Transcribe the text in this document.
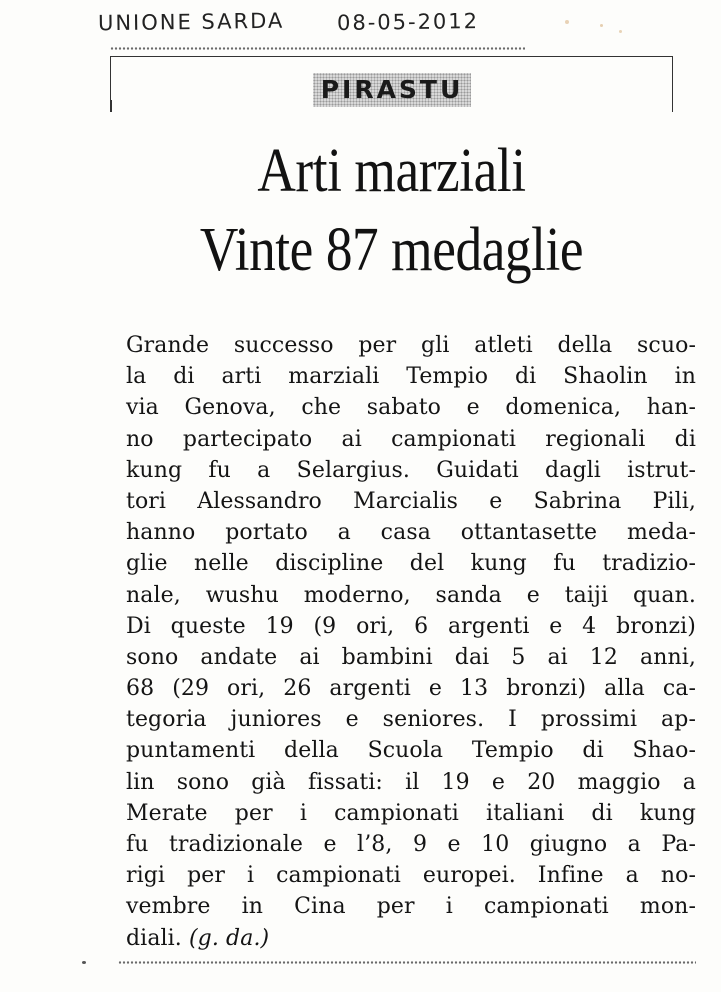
UNIONE SARDA 08-05-2012
PIRASTU
Arti marziali
Vinte 87 medaglie
Grande successo per gli atleti della scuo-
la di arti marziali Tempio di Shaolin in
via Genova, che sabato e domenica, han-
no partecipato ai campionati regionali di
kung fu a Selargius. Guidati dagli istrut-
tori Alessandro Marcialis e Sabrina Pili,
hanno portato a casa ottantasette meda-
glie nelle discipline del kung fu tradizio-
nale, wushu moderno, sanda e taiji quan.
Di queste 19 (9 ori, 6 argenti e 4 bronzi)
sono andate ai bambini dai 5 ai 12 anni,
68 (29 ori, 26 argenti e 13 bronzi) alla ca-
tegoria juniores e seniores. I prossimi ap-
puntamenti della Scuola Tempio di Shao-
lin sono già fissati: il 19 e 20 maggio a
Merate per i campionati italiani di kung
fu tradizionale e l’8, 9 e 10 giugno a Pa-
rigi per i campionati europei. Infine a no-
vembre in Cina per i campionati mon-
diali. (g. da.)
